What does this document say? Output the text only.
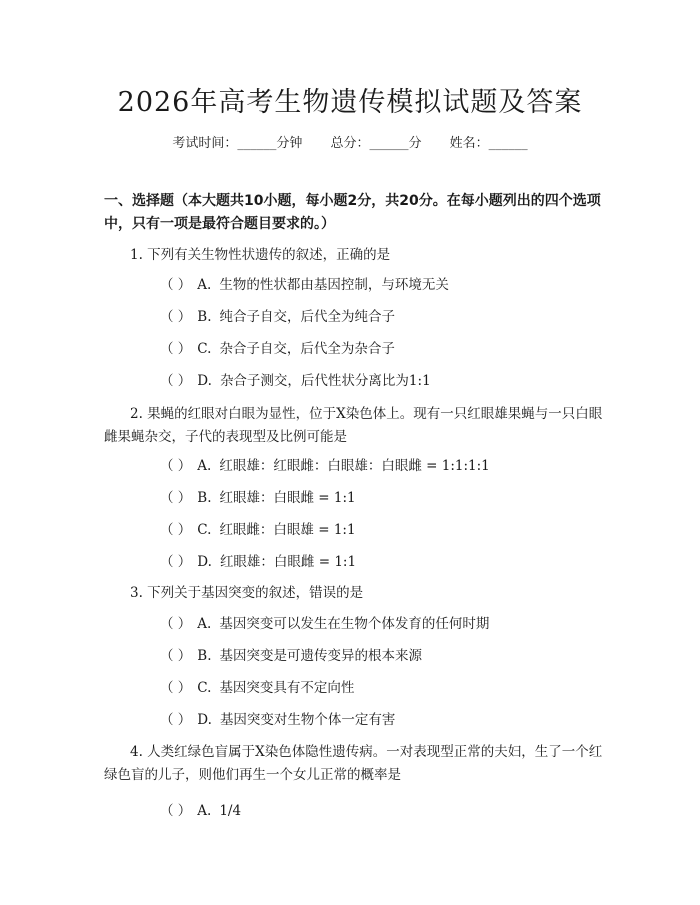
2026年高考生物遗传模拟试题及答案
考试时间：______分钟 总分：______分 姓名：______
一、选择题（本大题共10小题，每小题2分，共20分。在每小题列出的四个选项中，只有一项是最符合题目要求的。）
1. 下列有关生物性状遗传的叙述，正确的是
（ ） A. 生物的性状都由基因控制，与环境无关
（ ） B. 纯合子自交，后代全为纯合子
（ ） C. 杂合子自交，后代全为杂合子
（ ） D. 杂合子测交，后代性状分离比为1:1
2. 果蝇的红眼对白眼为显性，位于X染色体上。现有一只红眼雄果蝇与一只白眼雌果蝇杂交，子代的表现型及比例可能是
（ ） A. 红眼雄：红眼雌：白眼雄：白眼雌 = 1:1:1:1
（ ） B. 红眼雄：白眼雌 = 1:1
（ ） C. 红眼雌：白眼雄 = 1:1
（ ） D. 红眼雄：白眼雌 = 1:1
3. 下列关于基因突变的叙述，错误的是
（ ） A. 基因突变可以发生在生物个体发育的任何时期
（ ） B. 基因突变是可遗传变异的根本来源
（ ） C. 基因突变具有不定向性
（ ） D. 基因突变对生物个体一定有害
4. 人类红绿色盲属于X染色体隐性遗传病。一对表现型正常的夫妇，生了一个红绿色盲的儿子，则他们再生一个女儿正常的概率是
（ ） A. 1/4
